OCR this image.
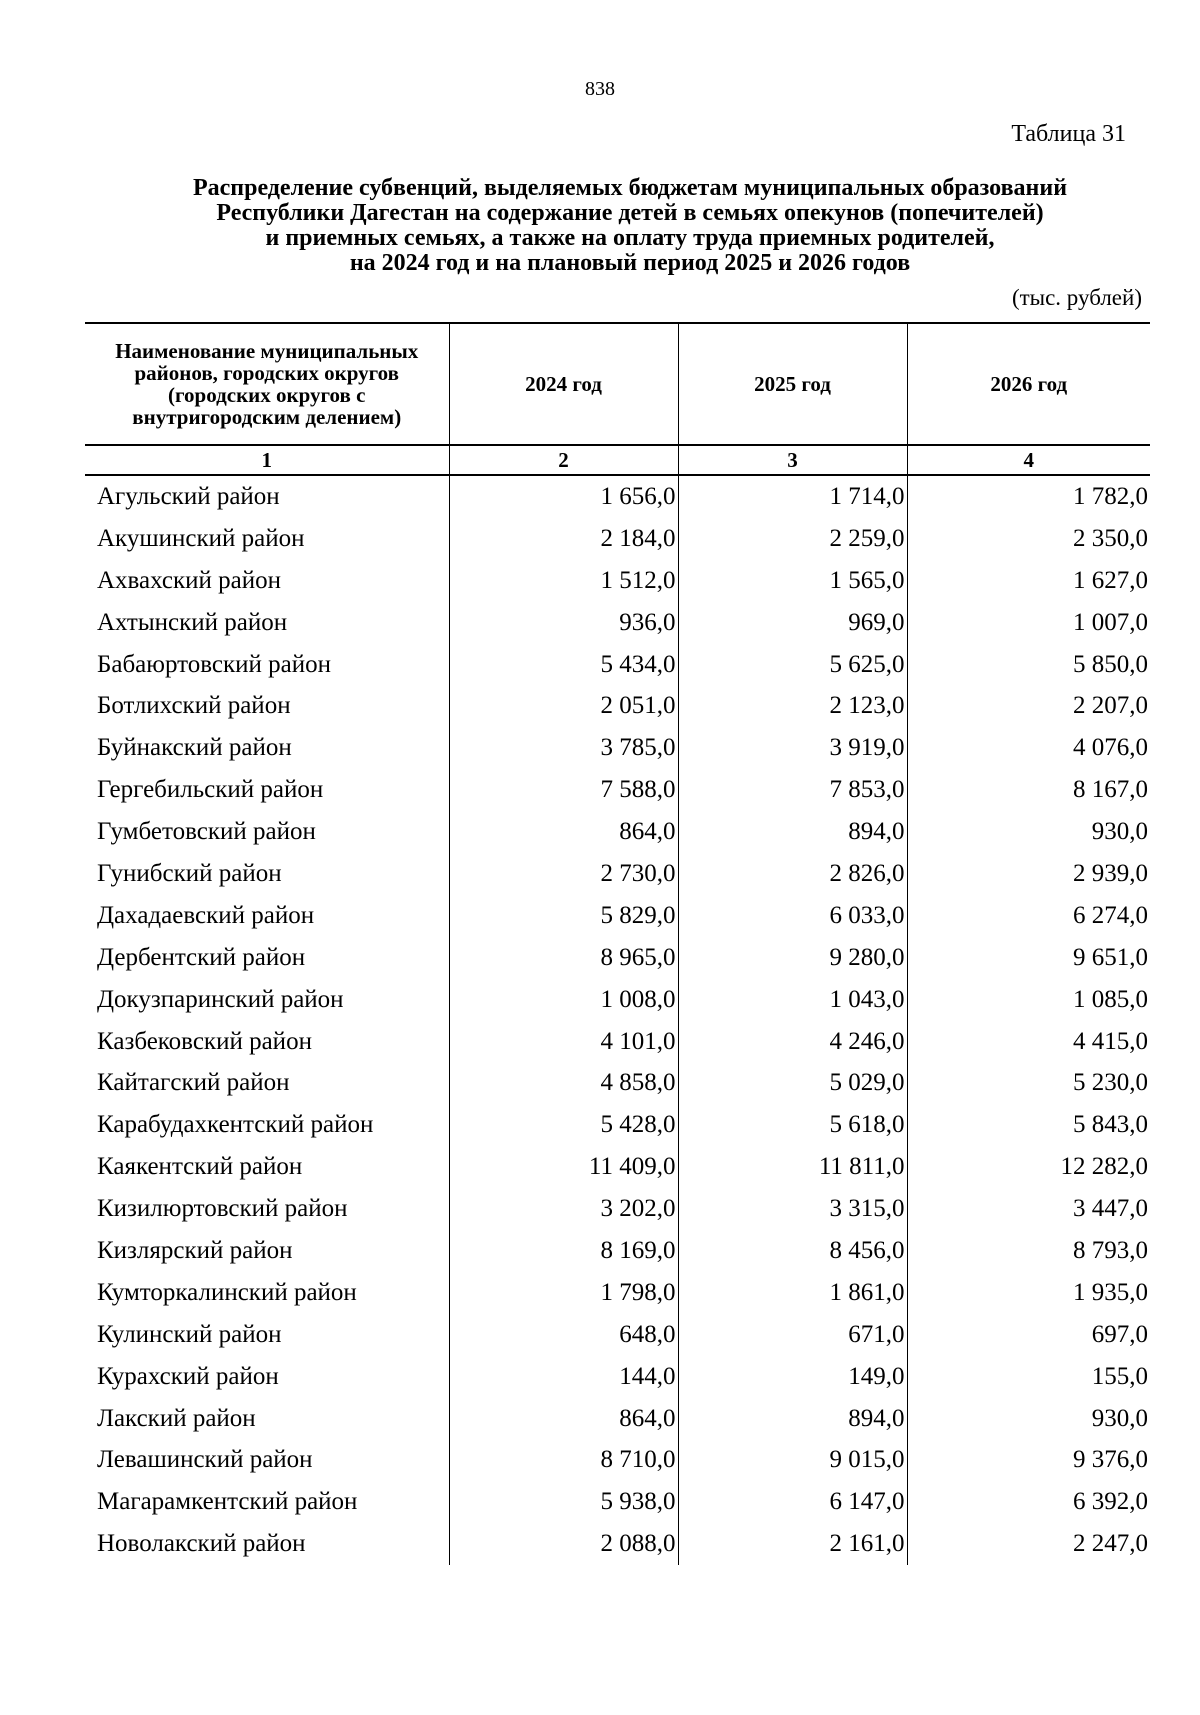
838
Таблица 31
Распределение субвенций, выделяемых бюджетам муниципальных образований
Республики Дагестан на содержание детей в семьях опекунов (попечителей)
и приемных семьях, а также на оплату труда приемных родителей,
на 2024 год и на плановый период 2025 и 2026 годов
(тыс. рублей)
Наименование муниципальных районов, городских округов (городских округов с внутригородским делением)	2024 год	2025 год	2026 год
1	2	3	4
Агульский район	1 656,0	1 714,0	1 782,0
Акушинский район	2 184,0	2 259,0	2 350,0
Ахвахский район	1 512,0	1 565,0	1 627,0
Ахтынский район	936,0	969,0	1 007,0
Бабаюртовский район	5 434,0	5 625,0	5 850,0
Ботлихский район	2 051,0	2 123,0	2 207,0
Буйнакский район	3 785,0	3 919,0	4 076,0
Гергебильский район	7 588,0	7 853,0	8 167,0
Гумбетовский район	864,0	894,0	930,0
Гунибский район	2 730,0	2 826,0	2 939,0
Дахадаевский район	5 829,0	6 033,0	6 274,0
Дербентский район	8 965,0	9 280,0	9 651,0
Докузпаринский район	1 008,0	1 043,0	1 085,0
Казбековский район	4 101,0	4 246,0	4 415,0
Кайтагский район	4 858,0	5 029,0	5 230,0
Карабудахкентский район	5 428,0	5 618,0	5 843,0
Каякентский район	11 409,0	11 811,0	12 282,0
Кизилюртовский район	3 202,0	3 315,0	3 447,0
Кизлярский район	8 169,0	8 456,0	8 793,0
Кумторкалинский район	1 798,0	1 861,0	1 935,0
Кулинский район	648,0	671,0	697,0
Курахский район	144,0	149,0	155,0
Лакский район	864,0	894,0	930,0
Левашинский район	8 710,0	9 015,0	9 376,0
Магарамкентский район	5 938,0	6 147,0	6 392,0
Новолакский район	2 088,0	2 161,0	2 247,0
